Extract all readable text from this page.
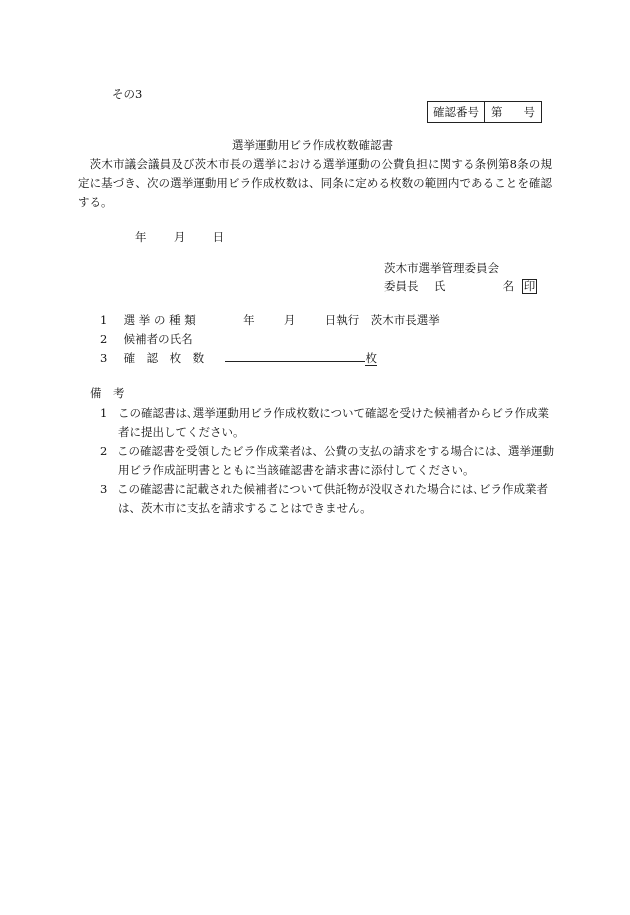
その3
確認番号	第 号
選挙運動用ビラ作成枚数確認書
　茨木市議会議員及び茨木市長の選挙における選挙運動の公費負担に関する条例第8条の規定に基づき、次の選挙運動用ビラ作成枚数は、同条に定める枚数の範囲内であることを確認する。
年 月 日
茨木市選挙管理委員会
委員長 氏	名 印
1 選 挙 の 種 類	年	月	日執行　茨木市長選挙
2 候補者の氏名
3 確　認　枚　数	枚
備　考
1 この確認書は､選挙運動用ビラ作成枚数について確認を受けた候補者からビラ作成業者に提出してください。
2 この確認書を受領したビラ作成業者は、公費の支払の請求をする場合には、選挙運動用ビラ作成証明書とともに当該確認書を請求書に添付してください。
3 この確認書に記載された候補者について供託物が没収された場合には､ビラ作成業者は、茨木市に支払を請求することはできません。
